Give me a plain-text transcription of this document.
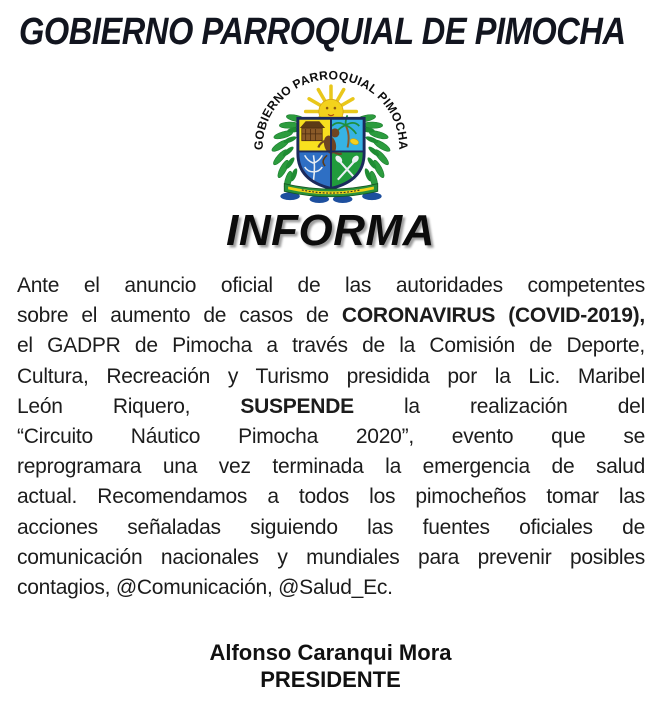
GOBIERNO PARROQUIAL DE PIMOCHA
GOBIERNO PARROQUIAL PIMOCHA
INFORMA
Ante el anuncio oficial de las autoridades competentes
sobre el aumento de casos de CORONAVIRUS (COVID-2019),
el GADPR de Pimocha a través de la Comisión de Deporte,
Cultura, Recreación y Turismo presidida por la Lic. Maribel
León Riquero, SUSPENDE la realización del
“Circuito Náutico Pimocha 2020”, evento que se
reprogramara una vez terminada la emergencia de salud
actual. Recomendamos a todos los pimocheños tomar las
acciones señaladas siguiendo las fuentes oficiales de
comunicación nacionales y mundiales para prevenir posibles
contagios, @Comunicación, @Salud_Ec.
Alfonso Caranqui Mora
PRESIDENTE
